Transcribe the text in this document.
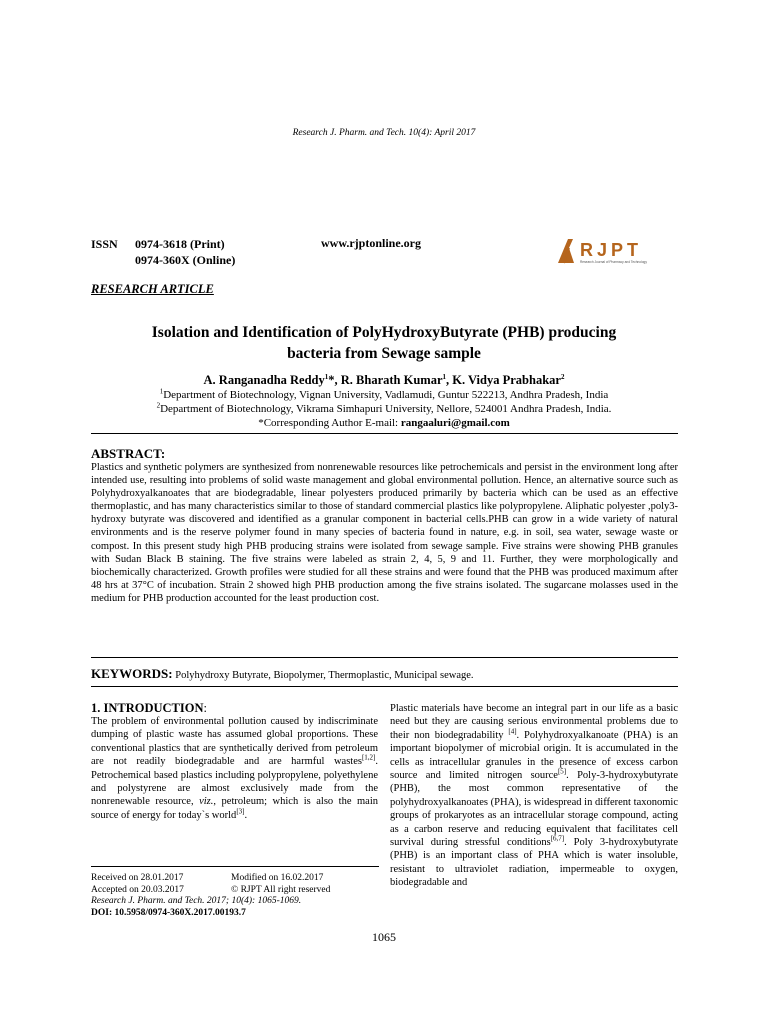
Research J. Pharm. and Tech. 10(4): April 2017
ISSN	0974-3618 (Print)
0974-360X (Online)
www.rjptonline.org	RJPT
Research Journal of Pharmacy and Technology
RESEARCH ARTICLE
Isolation and Identification of PolyHydroxyButyrate (PHB) producing
bacteria from Sewage sample
A. Ranganadha Reddy$^1$*, R. Bharath Kumar$^1$, K. Vidya Prabhakar$^2$
$^1$Department of Biotechnology, Vignan University, Vadlamudi, Guntur 522213, Andhra Pradesh, India
$^2$Department of Biotechnology, Vikrama Simhapuri University, Nellore, 524001 Andhra Pradesh, India.
*Corresponding Author E-mail: rangaaluri@gmail.com
ABSTRACT:
Plastics and synthetic polymers are synthesized from nonrenewable resources like petrochemicals and persist in the environment long after intended use, resulting into problems of solid waste management and global environmental pollution. Hence, an alternative source such as Polyhydroxyalkanoates that are biodegradable, linear polyesters produced primarily by bacteria which can be used as an effective thermoplastic, and has many characteristics similar to those of standard commercial plastics like polypropylene. Aliphatic polyester ,poly3-hydroxy butyrate was discovered and identified as a granular component in bacterial cells.PHB can grow in a wide variety of natural environments and is the reserve polymer found in many species of bacteria found in nature, e.g. in soil, sea water, sewage waste or compost. In this present study high PHB producing strains were isolated from sewage sample. Five strains were showing PHB granules with Sudan Black B staining. The five strains were labeled as strain 2, 4, 5, 9 and 11. Further, they were morphologically and biochemically characterized. Growth profiles were studied for all these strains and were found that the PHB was produced maximum after 48 hrs at 37°C of incubation. Strain 2 showed high PHB production among the five strains isolated. The sugarcane molasses used in the medium for PHB production accounted for the least production cost.
KEYWORDS: Polyhydroxy Butyrate, Biopolymer, Thermoplastic, Municipal sewage.
1. INTRODUCTION:
The problem of environmental pollution caused by indiscriminate dumping of plastic waste has assumed global proportions. These conventional plastics that are synthetically derived from petroleum are not readily biodegradable and are harmful wastes[1,2]. Petrochemical based plastics including polypropylene, polyethylene and polystyrene are almost exclusively made from the nonrenewable resource, viz., petroleum; which is also the main source of energy for today`s world[3].
Plastic materials have become an integral part in our life as a basic need but they are causing serious environmental problems due to their non biodegradability [4]. Polyhydroxyalkanoate (PHA) is an important biopolymer of microbial origin. It is accumulated in the cells as intracellular granules in the presence of excess carbon source and limited nitrogen source[5]. Poly-3-hydroxybutyrate (PHB), the most common representative of the polyhydroxyalkanoates (PHA), is widespread in different taxonomic groups of prokaryotes as an intracellular storage compound, acting as a carbon reserve and reducing equivalent that facilitates cell survival during stressful conditions[6,7]. Poly 3-hydroxybutyrate (PHB) is an important class of PHA which is water insoluble, resistant to ultraviolet radiation, impermeable to oxygen, biodegradable and
Received on 28.01.2017	Modified on 16.02.2017
Accepted on 20.03.2017	© RJPT All right reserved
Research J. Pharm. and Tech. 2017; 10(4): 1065-1069.
DOI: 10.5958/0974-360X.2017.00193.7
1065
